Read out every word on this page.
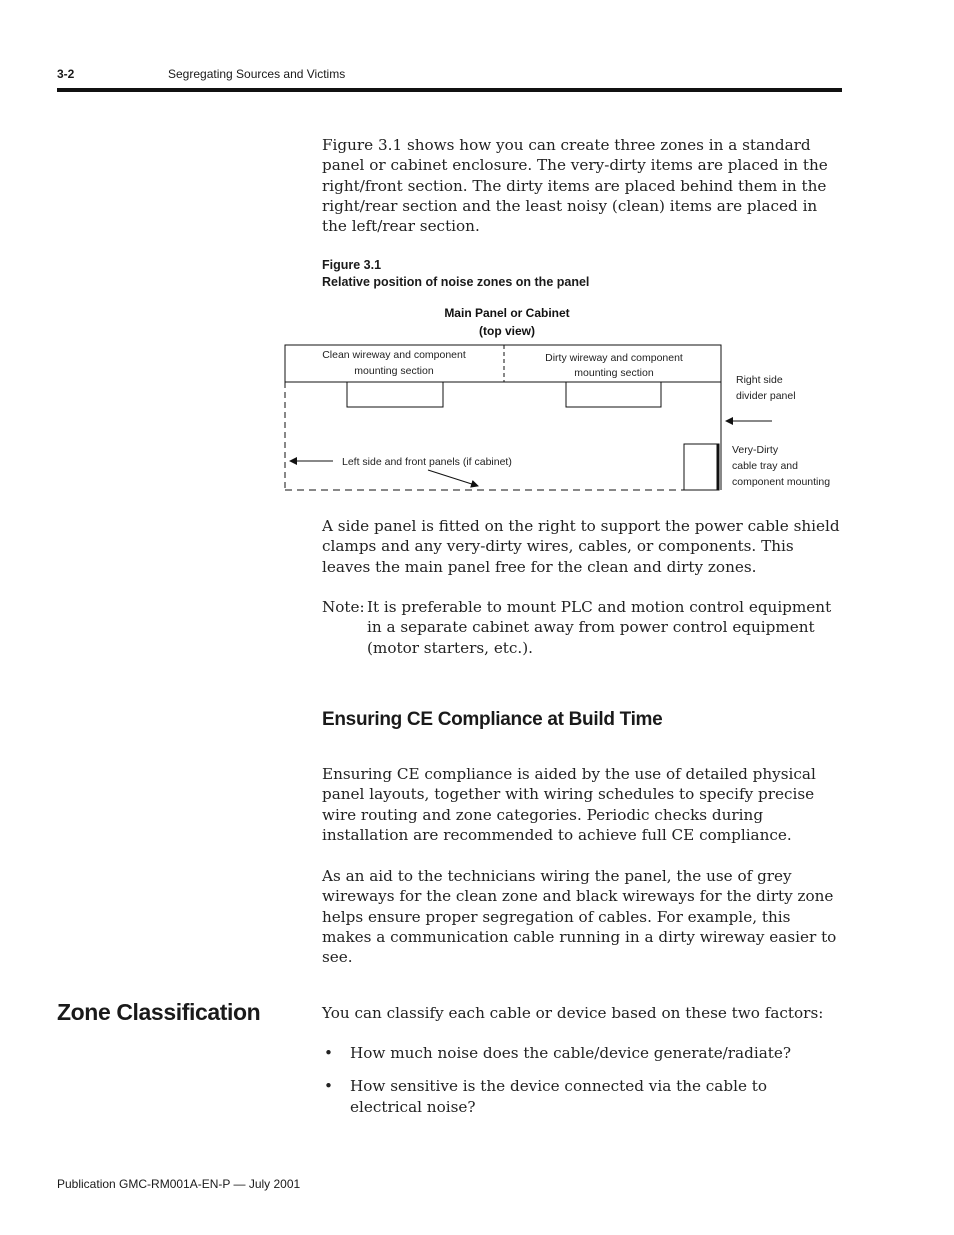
3-2	Segregating Sources and Victims
Figure 3.1 shows how you can create three zones in a standard panel or cabinet enclosure. The very-dirty items are placed in the right/front section. The dirty items are placed behind them in the right/rear section and the least noisy (clean) items are placed in the left/rear section.
Figure 3.1
Relative position of noise zones on the panel
Main Panel or Cabinet
(top view)
Clean wireway and component
mounting section
Dirty wireway and component
mounting section
Right side
divider panel
Left side and front panels (if cabinet)
Very-Dirty
cable tray and
component mounting
A side panel is fitted on the right to support the power cable shield clamps and any very-dirty wires, cables, or components. This leaves the main panel free for the clean and dirty zones.
Note: It is preferable to mount PLC and motion control equipment in a separate cabinet away from power control equipment (motor starters, etc.).
Ensuring CE Compliance at Build Time
Ensuring CE compliance is aided by the use of detailed physical panel layouts, together with wiring schedules to specify precise wire routing and zone categories. Periodic checks during installation are recommended to achieve full CE compliance.
As an aid to the technicians wiring the panel, the use of grey wireways for the clean zone and black wireways for the dirty zone helps ensure proper segregation of cables. For example, this makes a communication cable running in a dirty wireway easier to see.
Zone Classification	You can classify each cable or device based on these two factors:
• How much noise does the cable/device generate/radiate?
• How sensitive is the device connected via the cable to electrical noise?
Publication GMC-RM001A-EN-P — July 2001
